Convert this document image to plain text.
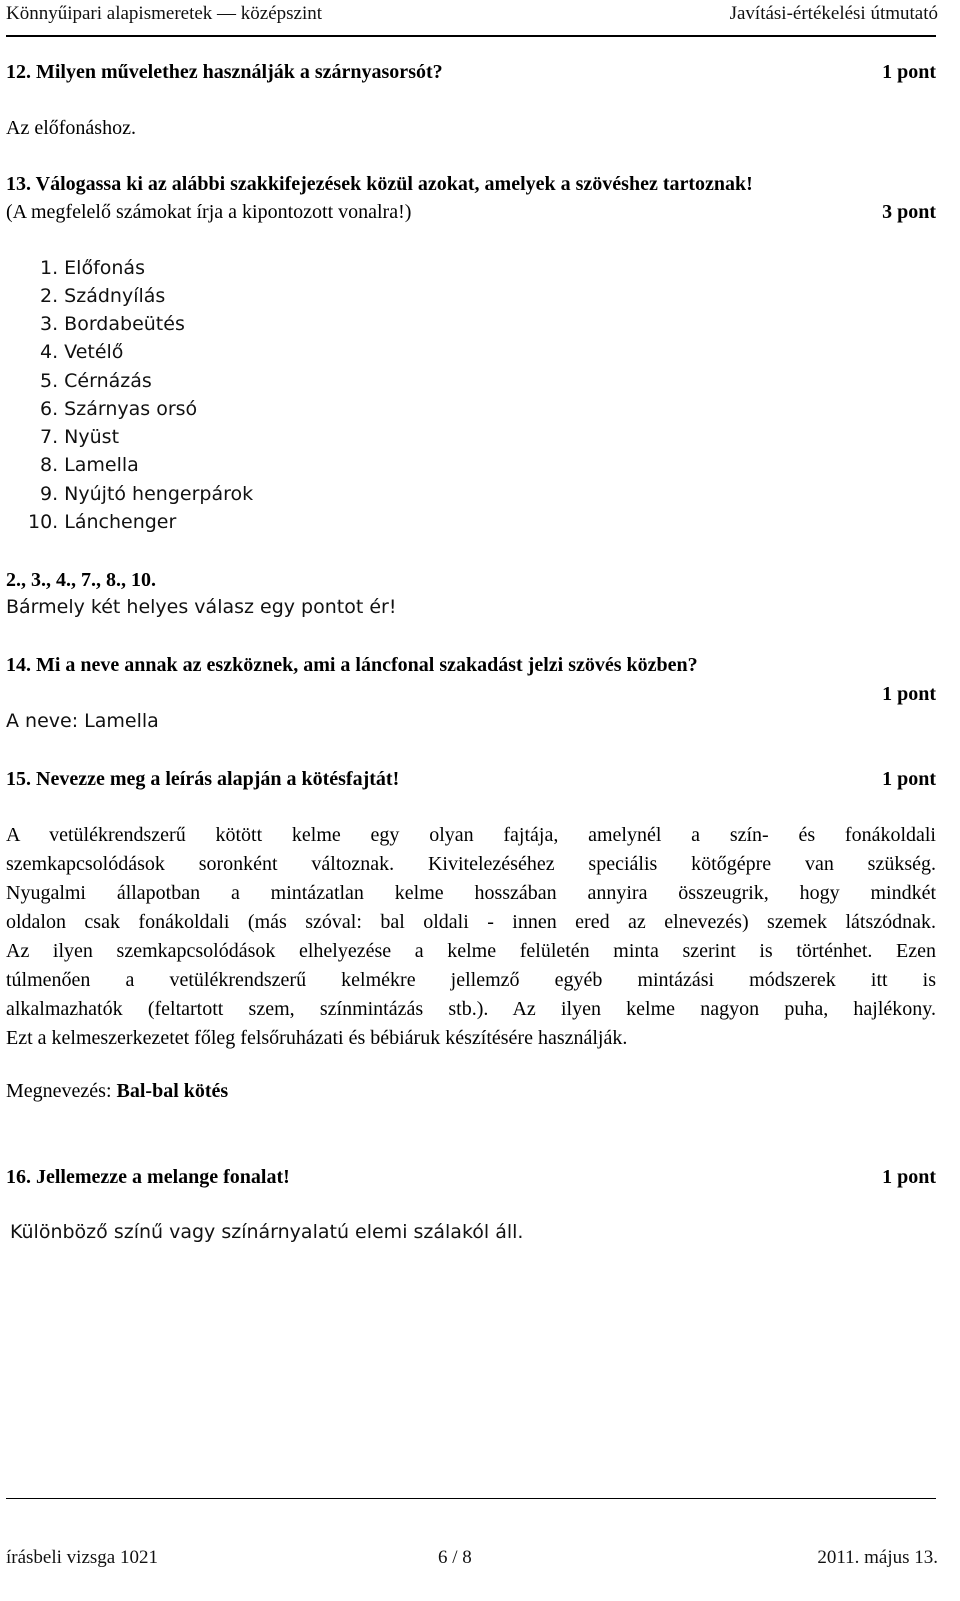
Könnyűipari alapismeretek — középszint	Javítási-értékelési útmutató
12. Milyen művelethez használják a szárnyasorsót?	1 pont
Az előfonáshoz.
13. Válogassa ki az alábbi szakkifejezések közül azokat, amelyek a szövéshez tartoznak!
(A megfelelő számokat írja a kipontozott vonalra!)	3 pont
1. Előfonás
2. Szádnyílás
3. Bordabeütés
4. Vetélő
5. Cérnázás
6. Szárnyas orsó
7. Nyüst
8. Lamella
9. Nyújtó hengerpárok
10. Lánchenger
2., 3., 4., 7., 8., 10.
Bármely két helyes válasz egy pontot ér!
14. Mi a neve annak az eszköznek, ami a láncfonal szakadást jelzi szövés közben?
1 pont
A neve: Lamella
15. Nevezze meg a leírás alapján a kötésfajtát!	1 pont
A vetülékrendszerű kötött kelme egy olyan fajtája, amelynél a szín- és fonákoldali
szemkapcsolódások soronként változnak. Kivitelezéséhez speciális kötőgépre van szükség.
Nyugalmi állapotban a mintázatlan kelme hosszában annyira összeugrik, hogy mindkét
oldalon csak fonákoldali (más szóval: bal oldali - innen ered az elnevezés) szemek látszódnak.
Az ilyen szemkapcsolódások elhelyezése a kelme felületén minta szerint is történhet. Ezen
túlmenően a vetülékrendszerű kelmékre jellemző egyéb mintázási módszerek itt is
alkalmazhatók (feltartott szem, színmintázás stb.). Az ilyen kelme nagyon puha, hajlékony.
Ezt a kelmeszerkezetet főleg felsőruházati és bébiáruk készítésére használják.
Megnevezés: Bal-bal kötés
16. Jellemezze a melange fonalat!	1 pont
Különböző színű vagy színárnyalatú elemi szálakól áll.
írásbeli vizsga 1021	6 / 8	2011. május 13.
